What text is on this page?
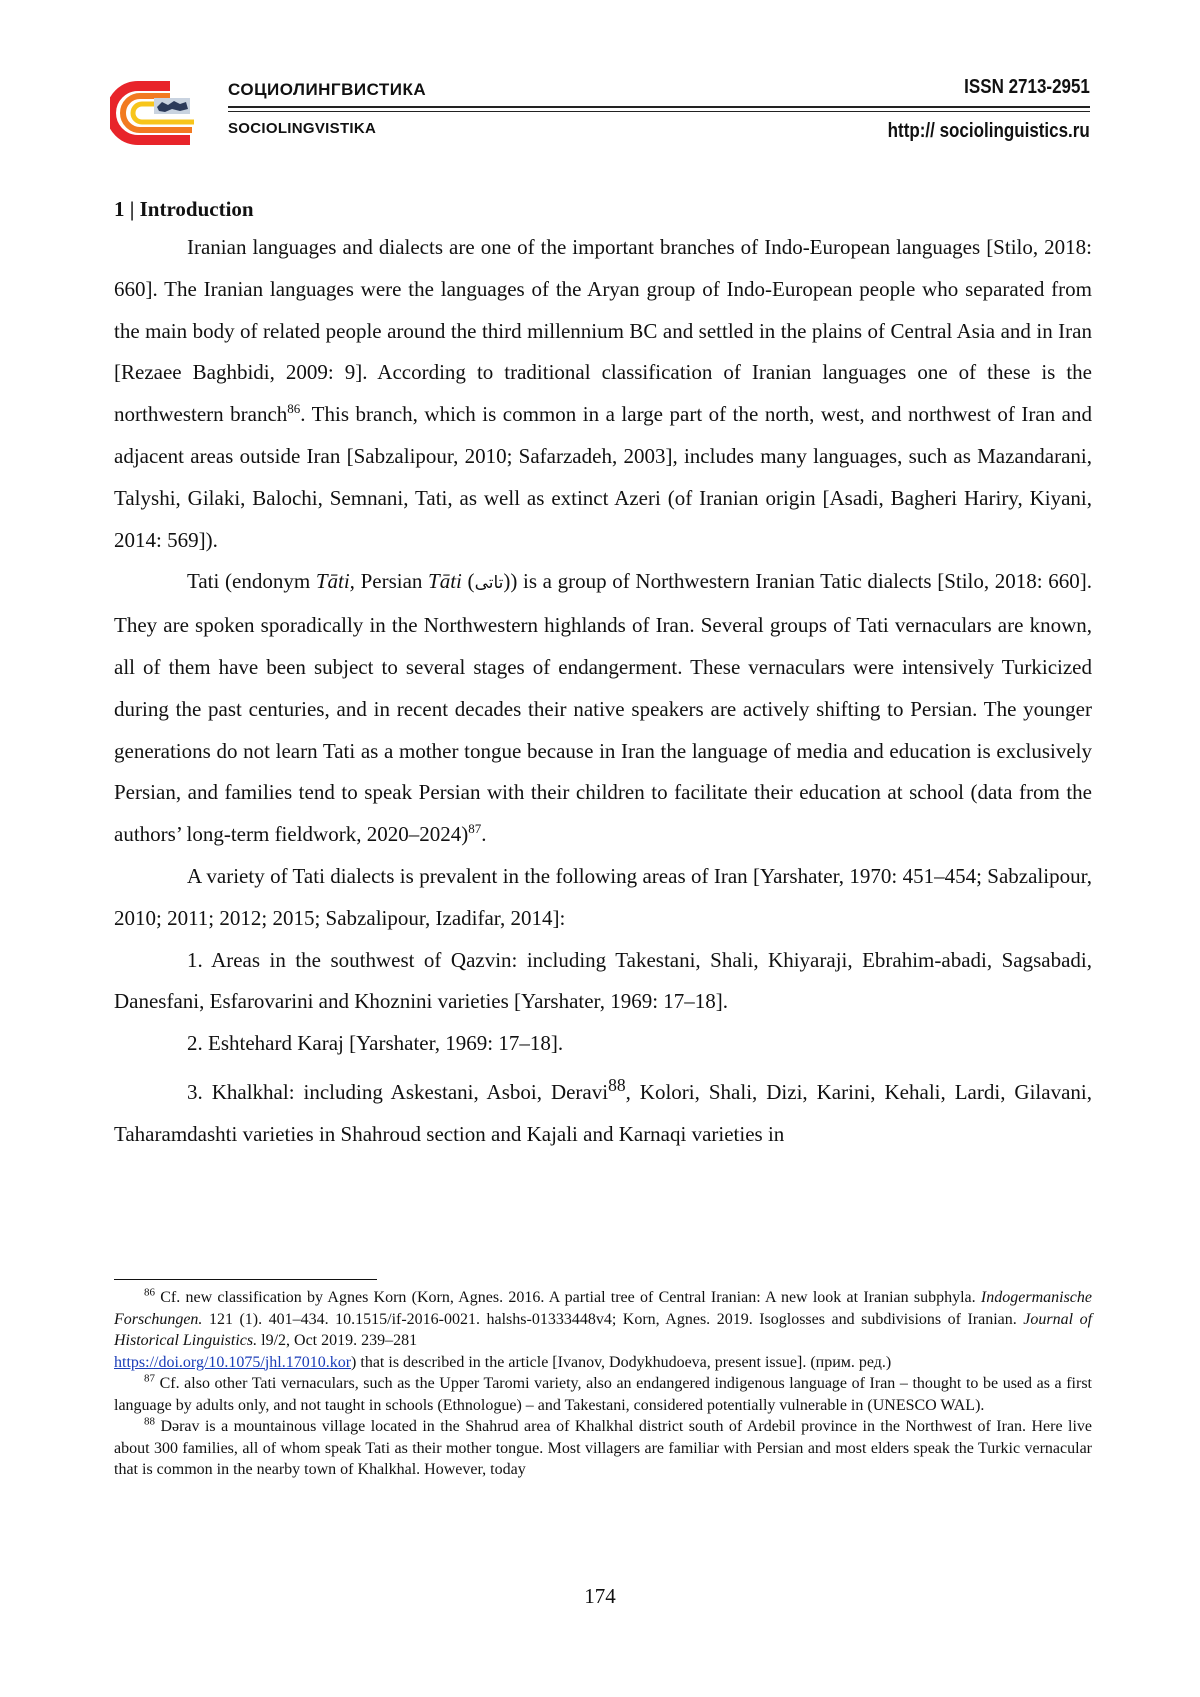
СОЦИОЛИНГВИСТИКА
SOCIOLINGVISTIKA
ISSN 2713-2951
http:// sociolinguistics.ru
1 | Introduction

Iranian languages and dialects are one of the important branches of Indo-European languages [Stilo, 2018: 660]. The Iranian languages were the languages of the Aryan group of Indo-European people who separated from the main body of related people around the third millennium BC and settled in the plains of Central Asia and in Iran [Rezaee Baghbidi, 2009: 9]. According to traditional classification of Iranian languages one of these is the northwestern branch$^{86}$. This branch, which is common in a large part of the north, west, and northwest of Iran and adjacent areas outside Iran [Sabzalipour, 2010; Safarzadeh, 2003], includes many languages, such as Mazandarani, Talyshi, Gilaki, Balochi, Semnani, Tati, as well as extinct Azeri (of Iranian origin [Asadi, Bagheri Hariry, Kiyani, 2014: 569]).

Tati (endonym Tāti, Persian Tāti (تاتی)) is a group of Northwestern Iranian Tatic dialects [Stilo, 2018: 660]. They are spoken sporadically in the Northwestern highlands of Iran. Several groups of Tati vernaculars are known, all of them have been subject to several stages of endangerment. These vernaculars were intensively Turkicized during the past centuries, and in recent decades their native speakers are actively shifting to Persian. The younger generations do not learn Tati as a mother tongue because in Iran the language of media and education is exclusively Persian, and families tend to speak Persian with their children to facilitate their education at school (data from the authors’ long-term fieldwork, 2020–2024)$^{87}$.

A variety of Tati dialects is prevalent in the following areas of Iran [Yarshater, 1970: 451–454; Sabzalipour, 2010; 2011; 2012; 2015; Sabzalipour, Izadifar, 2014]:

1. Areas in the southwest of Qazvin: including Takestani, Shali, Khiyaraji, Ebrahim-abadi, Sagsabadi, Danesfani, Esfarovarini and Khoznini varieties [Yarshater, 1969: 17–18].

2. Eshtehard Karaj [Yarshater, 1969: 17–18].

3. Khalkhal: including Askestani, Asboi, Deravi$^{88}$, Kolori, Shali, Dizi, Karini, Kehali, Lardi, Gilavani, Taharamdashti varieties in Shahroud section and Kajali and Karnaqi varieties in

$^{86}$ Cf. new classification by Agnes Korn (Korn, Agnes. 2016. A partial tree of Central Iranian: A new look at Iranian subphyla. Indogermanische Forschungen. 121 (1). 401–434. 10.1515/if-2016-0021. halshs-01333448v4; Korn, Agnes. 2019. Isoglosses and subdivisions of Iranian. Journal of Historical Linguistics. l9/2, Oct 2019. 239–281
https://doi.org/10.1075/jhl.17010.kor) that is described in the article [Ivanov, Dodykhudoeva, present issue]. (прим. ред.)

$^{87}$ Cf. also other Tati vernaculars, such as the Upper Taromi variety, also an endangered indigenous language of Iran – thought to be used as a first language by adults only, and not taught in schools (Ethnologue) – and Takestani, considered potentially vulnerable in (UNESCO WAL).

$^{88}$ Dərav is a mountainous village located in the Shahrud area of Khalkhal district south of Ardebil province in the Northwest of Iran. Here live about 300 families, all of whom speak Tati as their mother tongue. Most villagers are familiar with Persian and most elders speak the Turkic vernacular that is common in the nearby town of Khalkhal. However, today

174
